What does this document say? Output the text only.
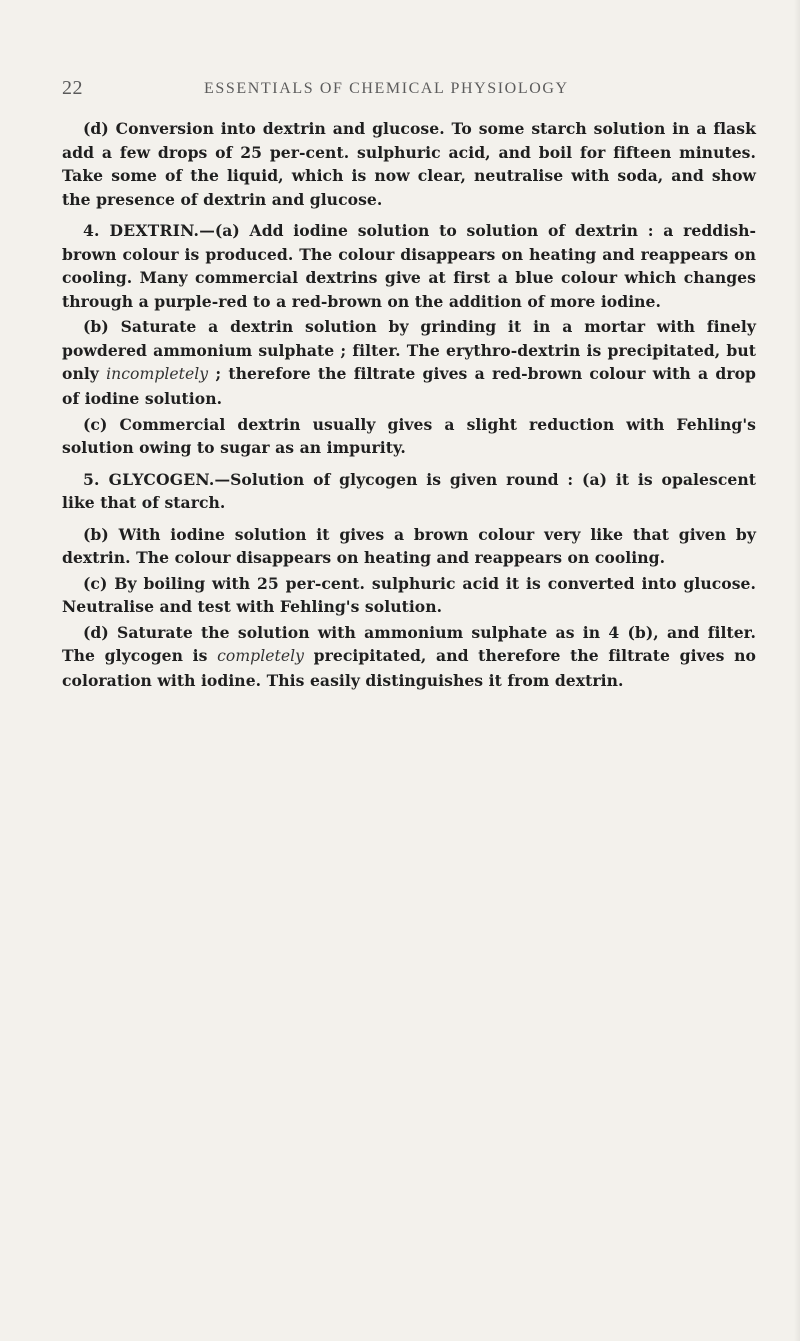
22	ESSENTIALS OF CHEMICAL PHYSIOLOGY

(d) Conversion into dextrin and glucose. To some starch solution in a flask add a few drops of 25 per-cent. sulphuric acid, and boil for fifteen minutes. Take some of the liquid, which is now clear, neutralise with soda, and show the presence of dextrin and glucose.

4. DEXTRIN.—(a) Add iodine solution to solution of dextrin : a reddish-brown colour is produced. The colour disappears on heating and reappears on cooling. Many commercial dextrins give at first a blue colour which changes through a purple-red to a red-brown on the addition of more iodine.

(b) Saturate a dextrin solution by grinding it in a mortar with finely powdered ammonium sulphate ; filter. The erythro-dextrin is precipitated, but only incompletely ; therefore the filtrate gives a red-brown colour with a drop of iodine solution.

(c) Commercial dextrin usually gives a slight reduction with Fehling's solution owing to sugar as an impurity.

5. GLYCOGEN.—Solution of glycogen is given round : (a) it is opalescent like that of starch.

(b) With iodine solution it gives a brown colour very like that given by dextrin. The colour disappears on heating and reappears on cooling.

(c) By boiling with 25 per-cent. sulphuric acid it is converted into glucose. Neutralise and test with Fehling's solution.

(d) Saturate the solution with ammonium sulphate as in 4 (b), and filter. The glycogen is completely precipitated, and therefore the filtrate gives no coloration with iodine. This easily distinguishes it from dextrin.
